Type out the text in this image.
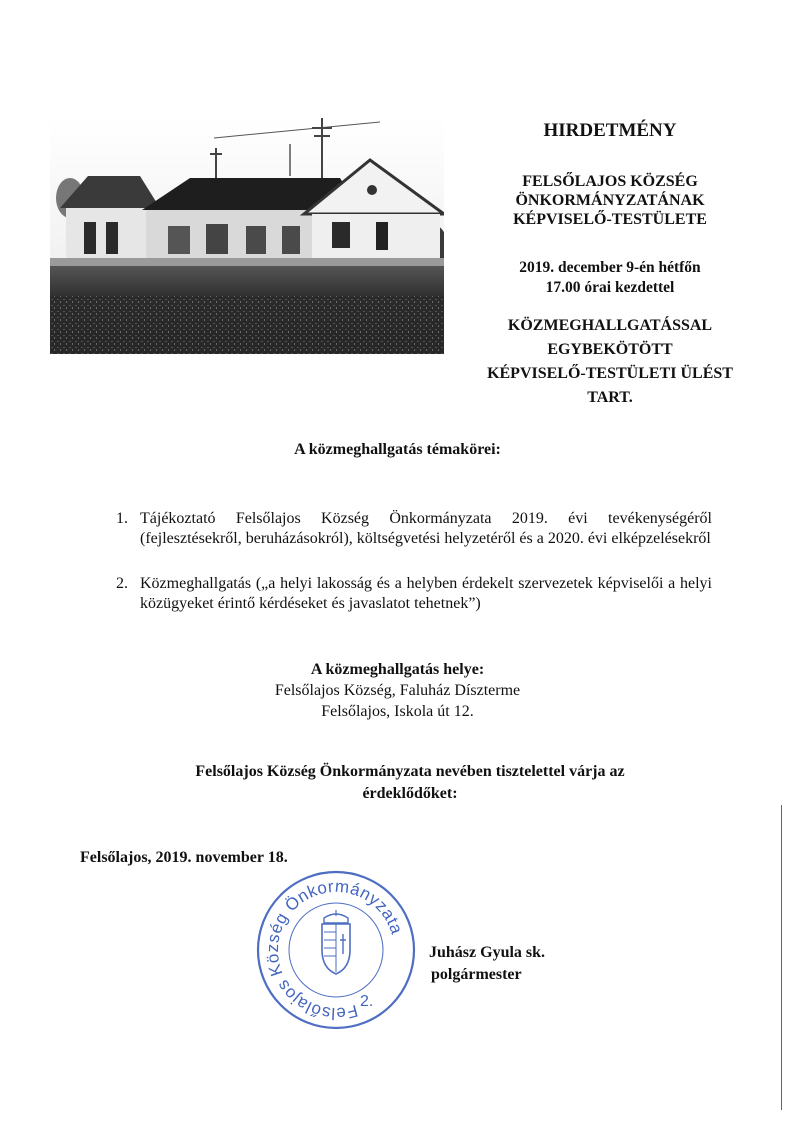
HIRDETMÉNY
FELSŐLAJOS KÖZSÉG
ÖNKORMÁNYZATÁNAK
KÉPVISELŐ-TESTÜLETE
2019. december 9-én hétfőn
17.00 órai kezdettel
KÖZMEGHALLGATÁSSAL
EGYBEKÖTÖTT
KÉPVISELŐ-TESTÜLETI ÜLÉST
TART.
A közmeghallgatás témakörei:
1. Tájékoztató Felsőlajos Község Önkormányzata 2019. évi tevékenységéről (fejlesztésekről, beruházásokról), költségvetési helyzetéről és a 2020. évi elképzelésekről
2. Közmeghallgatás („a helyi lakosság és a helyben érdekelt szervezetek képviselői a helyi közügyeket érintő kérdéseket és javaslatot tehetnek”)
A közmeghallgatás helye:
Felsőlajos Község, Faluház Díszterme
Felsőlajos, Iskola út 12.
Felsőlajos Község Önkormányzata nevében tisztelettel várja az
érdeklődőket:
Felsőlajos, 2019. november 18.
Felsőlajos Község Önkormányzata
2.
Juhász Gyula sk.
polgármester
